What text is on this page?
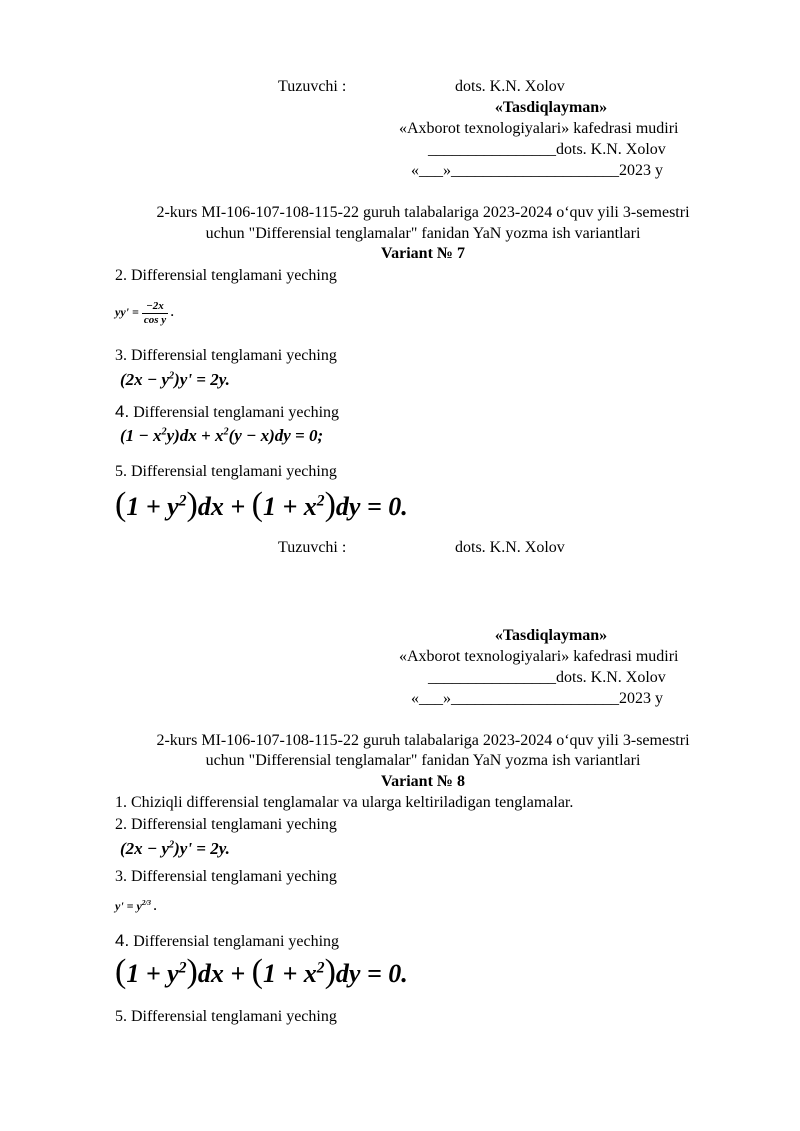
Tuzuvchi :	dots. K.N. Xolov
«Tasdiqlayman»
«Axborot texnologiyalari» kafedrasi mudiri
________________dots. K.N. Xolov
«___»_____________________2023 y
2-kurs MI-106-107-108-115-22 guruh talabalariga 2023-2024 o‘quv yili 3-semestri
uchun "Differensial tenglamalar" fanidan YaN yozma ish variantlari
Variant № 7
2. Differensial tenglamani yeching
$yy' = \frac{-2x}{\text{cos y}}$ .
3. Differensial tenglamani yeching
$(2x - y^2)y' = 2y$.
4. Differensial tenglamani yeching
$(1 - x^2y)dx + x^2(y - x)dy = 0$;
5. Differensial tenglamani yeching
$(1 + y^2)dx + (1 + x^2)dy = 0$.
Tuzuvchi :	dots. K.N. Xolov
«Tasdiqlayman»
«Axborot texnologiyalari» kafedrasi mudiri
________________dots. K.N. Xolov
«___»_____________________2023 y
2-kurs MI-106-107-108-115-22 guruh talabalariga 2023-2024 o‘quv yili 3-semestri
uchun "Differensial tenglamalar" fanidan YaN yozma ish variantlari
Variant № 8
1. Chiziqli differensial tenglamalar va ularga keltiriladigan tenglamalar.
2. Differensial tenglamani yeching
$(2x - y^2)y' = 2y$.
3. Differensial tenglamani yeching
$y' = y^{2/3}$ .
4. Differensial tenglamani yeching
$(1 + y^2)dx + (1 + x^2)dy = 0$.
5. Differensial tenglamani yeching
